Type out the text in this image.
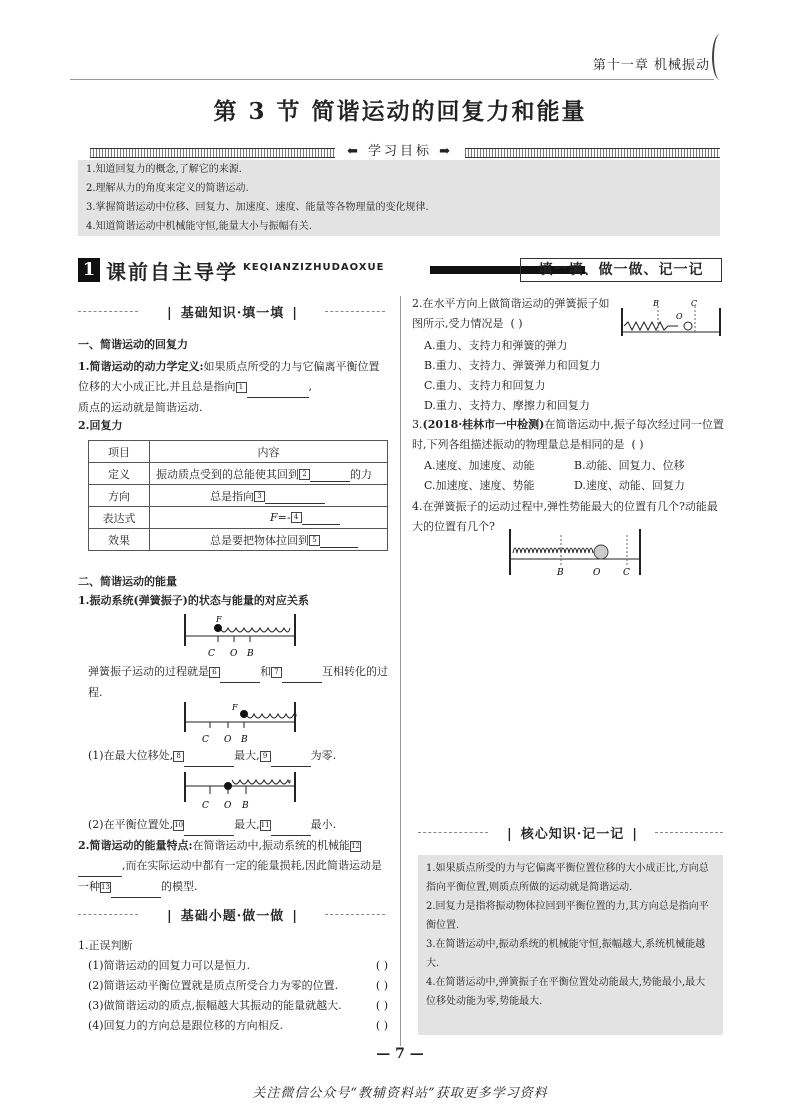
第十一章 机械振动
第 3 节 简谐运动的回复力和能量
⬅ 学习目标 ➡
1.知道回复力的概念,了解它的来源.
2.理解从力的角度来定义的简谐运动.
3.掌握简谐运动中位移、回复力、加速度、速度、能量等各物理量的变化规律.
4.知道简谐运动中机械能守恒,能量大小与振幅有关.
1 课前自主导学 KEQIANZIZHUDAOXUE	填一填、做一做、记一记
| 基础知识·填一填 |
一、简谐运动的回复力
1.简谐运动的动力学定义:如果质点所受的力与它偏离平衡位置位移的大小成正比,并且总是指向 1	,
质点的运动就是简谐运动.
2.回复力
项目	内容
定义	振动质点受到的总能使其回到 2 的力
方向	总是指向 3
表达式	F=- 4
效果	总是要把物体拉回到 5
二、简谐运动的能量
1.振动系统(弹簧振子)的状态与能量的对应关系
F
C O B
弹簧振子运动的过程就是 6	和 7	互相转化的过程.
F
C O B
(1)在最大位移处, 8	最大, 9	为零.
C O B
(2)在平衡位置处,10	最大,11	最小.
2.简谐运动的能量特点:在简谐运动中,振动系统的机械能12 ,而在实际运动中都有一定的能量损耗,因此简谐运动是一种13	的模型.
| 基础小题·做一做 |
1.正误判断
(1)简谐运动的回复力可以是恒力.	( )
(2)简谐运动平衡位置就是质点所受合力为零的位置.	( )
(3)做简谐运动的质点,振幅越大其振动的能量就越大.	( )
(4)回复力的方向总是跟位移的方向相反.	( )
2.在水平方向上做简谐运动的弹簧振子如图所示,受力情况是 ( )
B
O
C
A.重力、支持力和弹簧的弹力
B.重力、支持力、弹簧弹力和回复力
C.重力、支持力和回复力
D.重力、支持力、摩擦力和回复力
3.(2018·桂林市一中检测)在简谐运动中,振子每次经过同一位置时,下列各组描述振动的物理量总是相同的是 ( )
A.速度、加速度、动能	B.动能、回复力、位移
C.加速度、速度、势能	D.速度、动能、回复力
4.在弹簧振子的运动过程中,弹性势能最大的位置有几个?动能最大的位置有几个?
B	O	C
| 核心知识·记一记 |
1.如果质点所受的力与它偏离平衡位置位移的大小成正比,方向总指向平衡位置,则质点所做的运动就是简谐运动.
2.回复力是指将振动物体拉回到平衡位置的力,其方向总是指向平衡位置.
3.在简谐运动中,振动系统的机械能守恒,振幅越大,系统机械能越大.
4.在简谐运动中,弹簧振子在平衡位置处动能最大,势能最小,最大位移处动能为零,势能最大.
— 7 —
关注微信公众号“教辅资料站”获取更多学习资料
